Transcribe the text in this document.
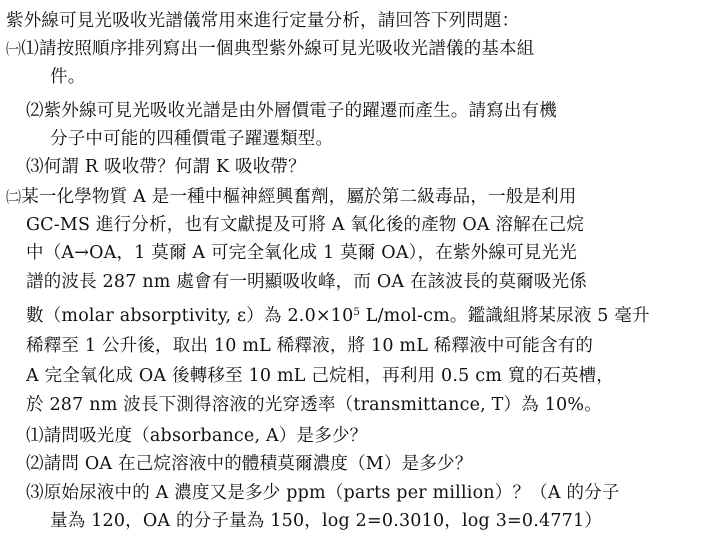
紫外線可見光吸收光譜儀常用來進行定量分析，請回答下列問題：
㈠⑴請按照順序排列寫出一個典型紫外線可見光吸收光譜儀的基本組
件。
⑵紫外線可見光吸收光譜是由外層價電子的躍遷而產生。請寫出有機
分子中可能的四種價電子躍遷類型。
⑶何謂 R 吸收帶？何謂 K 吸收帶？
㈡某一化學物質 A 是一種中樞神經興奮劑，屬於第二級毒品，一般是利用
GC-MS 進行分析，也有文獻提及可將 A 氧化後的產物 OA 溶解在己烷
中（A→OA，1 莫爾 A 可完全氧化成 1 莫爾 OA），在紫外線可見光光
譜的波長 287 nm 處會有一明顯吸收峰，而 OA 在該波長的莫爾吸光係
數（molar absorptivity, ε）為 $2.0\times 10^5$ L/mol-cm。鑑識組將某尿液 5 毫升
稀釋至 1 公升後，取出 10 mL 稀釋液，將 10 mL 稀釋液中可能含有的
A 完全氧化成 OA 後轉移至 10 mL 己烷相，再利用 0.5 cm 寬的石英槽，
於 287 nm 波長下測得溶液的光穿透率（transmittance, T）為 10%。
⑴請問吸光度（absorbance, A）是多少？
⑵請問 OA 在己烷溶液中的體積莫爾濃度（M）是多少？
⑶原始尿液中的 A 濃度又是多少 ppm（parts per million）？（A 的分子
量為 120，OA 的分子量為 150，log 2=0.3010，log 3=0.4771）
